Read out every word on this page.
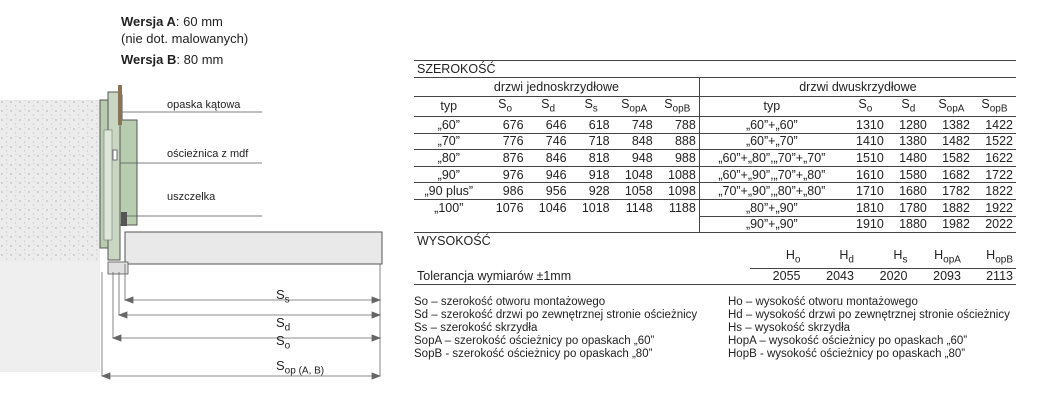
Wersja A: 60 mm
(nie dot. malowanych)
Wersja B: 80 mm
opaska kątowa
ościeżnica z mdf
uszczelka
$S_s$
$S_d$
$S_o$
$S_{op (A, B)}$
SZEROKOŚĆ										
drzwi jednoskrzydłowe						drzwi dwuskrzydłowe				
typ	$S_o$	$S_d$	$S_s$	$S_{opA}$	$S_{opB}$	typ	$S_o$	$S_d$	$S_{opA}$	$S_{opB}$
„60”	676	646	618	748	788	„60”+„60”	1310	1280	1382	1422
„70”	776	746	718	848	888	„60”+„70”	1410	1380	1482	1522
„80”	876	846	818	948	988	„60”+„80”,„70”+„70”	1510	1480	1582	1622
„90”	976	946	918	1048	1088	„60”+„90”,„70”+„80”	1610	1580	1682	1722
„90 plus”	986	956	928	1058	1098	„70”+„90”,„80”+„80”	1710	1680	1782	1822
„100”	1076	1046	1018	1148	1188	„80”+„90”	1810	1780	1882	1922
						„90”+„90”	1910	1880	1982	2022
WYSOKOŚĆ					
	$H_o$	$H_d$	$H_s$	$H_{opA}$	$H_{opB}$
Tolerancja wymiarów ±1mm	2055	2043	2020	2093	2113
So – szerokość otworu montażowego
Sd – szerokość drzwi po zewnętrznej stronie ościeżnicy
Ss – szerokość skrzydła
SopA – szerokość ościeżnicy po opaskach „60”
SopB - szerokość ościeżnicy po opaskach „80”
Ho – wysokość otworu montażowego
Hd – wysokość drzwi po zewnętrznej stronie ościeżnicy
Hs – wysokość skrzydła
HopA – wysokość ościeżnicy po opaskach „60”
HopB - wysokość ościeżnicy po opaskach „80”
